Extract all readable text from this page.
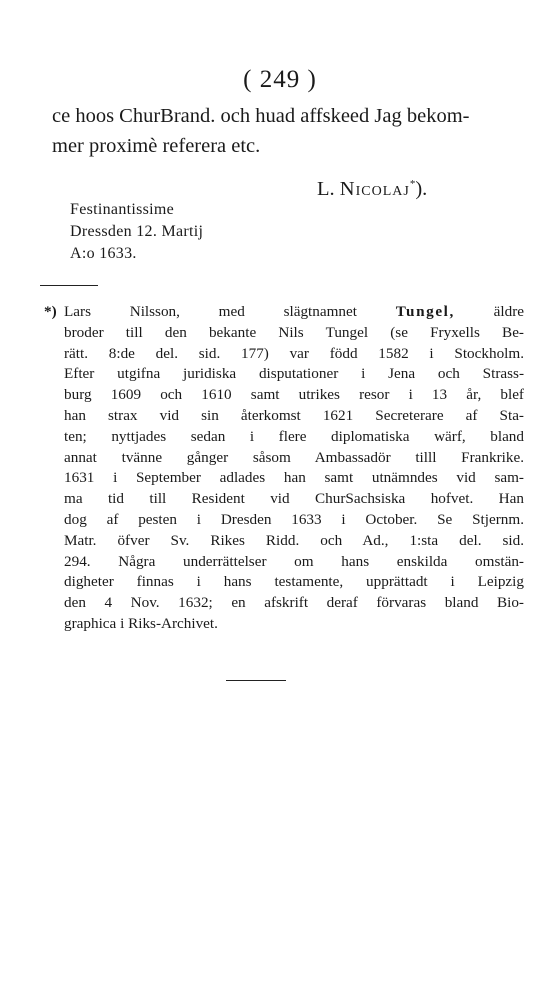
( 249 )
ce hoos ChurBrand. och huad affskeed Jag bekom-
mer proximè referera etc.
L. Nicolaj*).
Festinantissime
Dressden 12. Martij
A:o 1633.
*) Lars Nilsson, med slägtnamnet	Tungel,	äldre
broder till den bekante Nils Tungel (se Fryxells Be-
rätt. 8:de del. sid. 177) var född 1582 i Stockholm.
Efter utgifna juridiska disputationer i Jena och Strass-
burg 1609 och 1610 samt utrikes resor i 13 år, blef
han strax vid sin återkomst 1621 Secreterare af Sta-
ten; nyttjades sedan i flere diplomatiska wärf, bland
annat tvänne gånger såsom Ambassadör tilll Frankrike.
1631 i September adlades han samt utnämndes vid sam-
ma tid till Resident vid ChurSachsiska hofvet. Han
dog af pesten i Dresden 1633 i October. Se Stjernm.
Matr. öfver Sv. Rikes Ridd. och Ad., 1:sta del. sid.
294. Några underrättelser om hans enskilda omstän-
digheter finnas i hans testamente, upprättadt i Leipzig
den 4 Nov. 1632; en afskrift deraf förvaras bland Bio-
graphica i Riks-Archivet.
